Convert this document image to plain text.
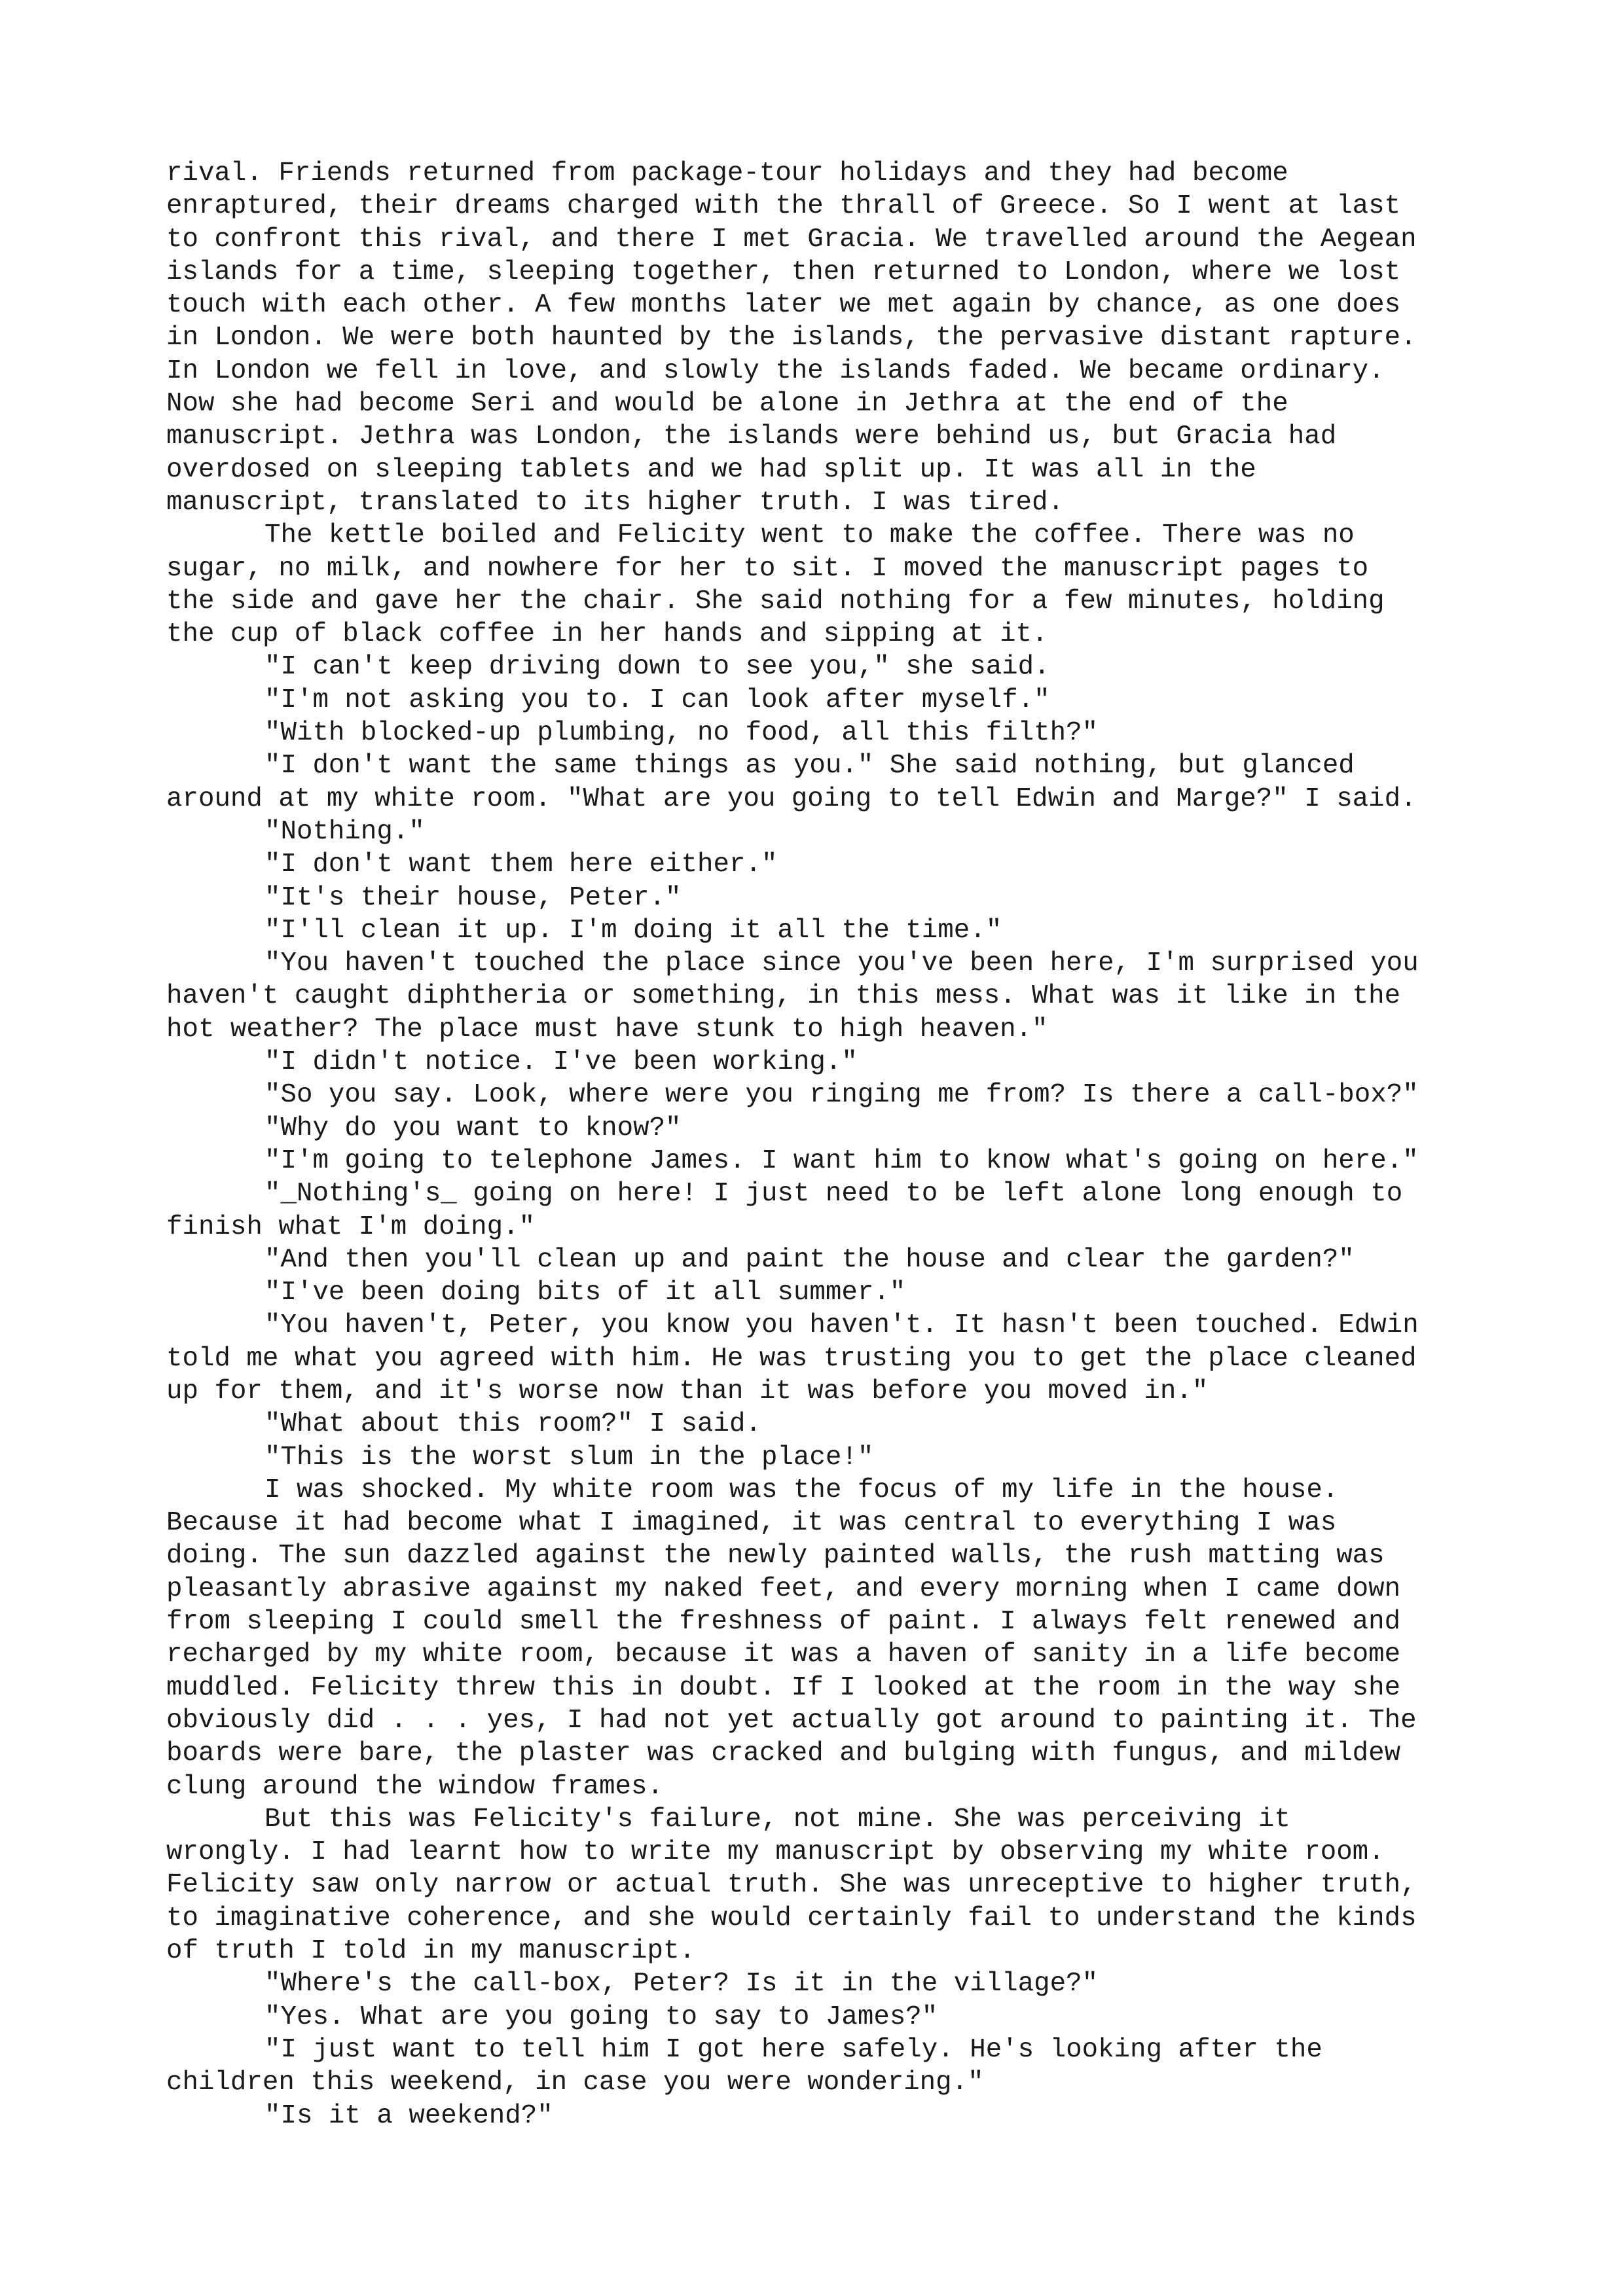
rival. Friends returned from package-tour holidays and they had become

enraptured, their dreams charged with the thrall of Greece. So I went at last

to confront this rival, and there I met Gracia. We travelled around the Aegean

islands for a time, sleeping together, then returned to London, where we lost

touch with each other. A few months later we met again by chance, as one does

in London. We were both haunted by the islands, the pervasive distant rapture.

In London we fell in love, and slowly the islands faded. We became ordinary.

Now she had become Seri and would be alone in Jethra at the end of the

manuscript. Jethra was London, the islands were behind us, but Gracia had

overdosed on sleeping tablets and we had split up. It was all in the

manuscript, translated to its higher truth. I was tired.

The kettle boiled and Felicity went to make the coffee. There was no

sugar, no milk, and nowhere for her to sit. I moved the manuscript pages to

the side and gave her the chair. She said nothing for a few minutes, holding

the cup of black coffee in her hands and sipping at it.

"I can't keep driving down to see you," she said.

"I'm not asking you to. I can look after myself."

"With blocked-up plumbing, no food, all this filth?"

"I don't want the same things as you." She said nothing, but glanced

around at my white room. "What are you going to tell Edwin and Marge?" I said.

"Nothing."

"I don't want them here either."

"It's their house, Peter."

"I'll clean it up. I'm doing it all the time."

"You haven't touched the place since you've been here, I'm surprised you

haven't caught diphtheria or something, in this mess. What was it like in the

hot weather? The place must have stunk to high heaven."

"I didn't notice. I've been working."

"So you say. Look, where were you ringing me from? Is there a call-box?"

"Why do you want to know?"

"I'm going to telephone James. I want him to know what's going on here."

"_Nothing's_ going on here! I just need to be left alone long enough to

finish what I'm doing."

"And then you'll clean up and paint the house and clear the garden?"

"I've been doing bits of it all summer."

"You haven't, Peter, you know you haven't. It hasn't been touched. Edwin

told me what you agreed with him. He was trusting you to get the place cleaned

up for them, and it's worse now than it was before you moved in."

"What about this room?" I said.

"This is the worst slum in the place!"

I was shocked. My white room was the focus of my life in the house.

Because it had become what I imagined, it was central to everything I was

doing. The sun dazzled against the newly painted walls, the rush matting was

pleasantly abrasive against my naked feet, and every morning when I came down

from sleeping I could smell the freshness of paint. I always felt renewed and

recharged by my white room, because it was a haven of sanity in a life become

muddled. Felicity threw this in doubt. If I looked at the room in the way she

obviously did . . . yes, I had not yet actually got around to painting it. The

boards were bare, the plaster was cracked and bulging with fungus, and mildew

clung around the window frames.

But this was Felicity's failure, not mine. She was perceiving it

wrongly. I had learnt how to write my manuscript by observing my white room.

Felicity saw only narrow or actual truth. She was unreceptive to higher truth,

to imaginative coherence, and she would certainly fail to understand the kinds

of truth I told in my manuscript.

"Where's the call-box, Peter? Is it in the village?"

"Yes. What are you going to say to James?"

"I just want to tell him I got here safely. He's looking after the

children this weekend, in case you were wondering."

"Is it a weekend?"
